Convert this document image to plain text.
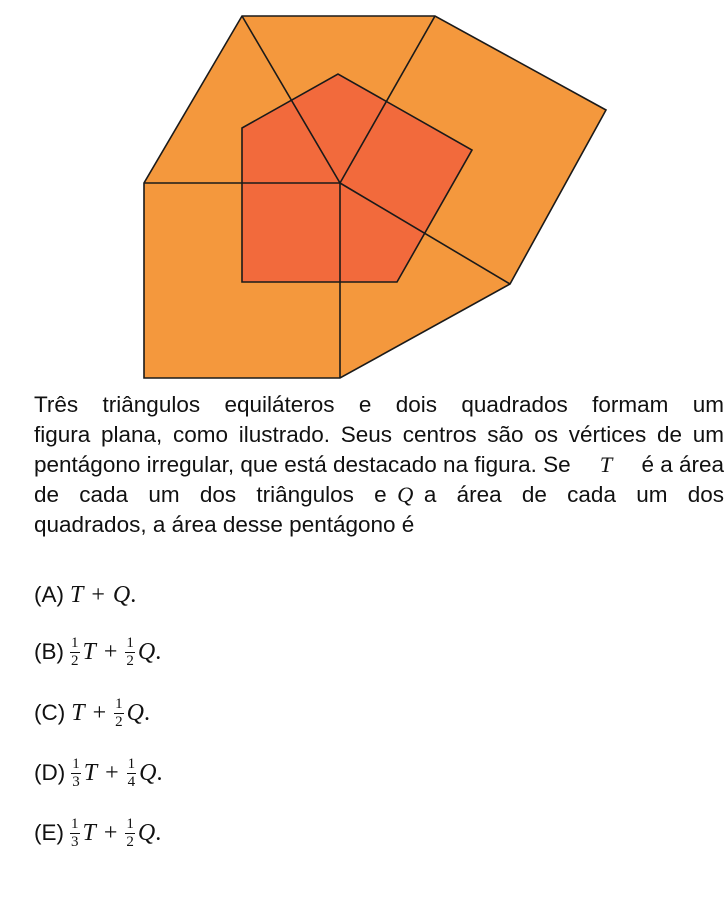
Três triângulos equiláteros e dois quadrados formam um
figura plana, como ilustrado. Seus centros são os vértices de um
pentágono irregular, que está destacado na figura. Se T é a área
de cada um dos triângulos e Q a área de cada um dos
quadrados, a área desse pentágono é
(A) T + Q .
$(B) \frac{1}{2}$ $T + \frac{1}{2}$ Q .
(C) $T + \frac{1}{2}$ Q .
$(D) \frac{1}{3}$ $T + \frac{1}{4}$ Q .
$(E) \frac{1}{3}$ $T + \frac{1}{2}$ Q .
